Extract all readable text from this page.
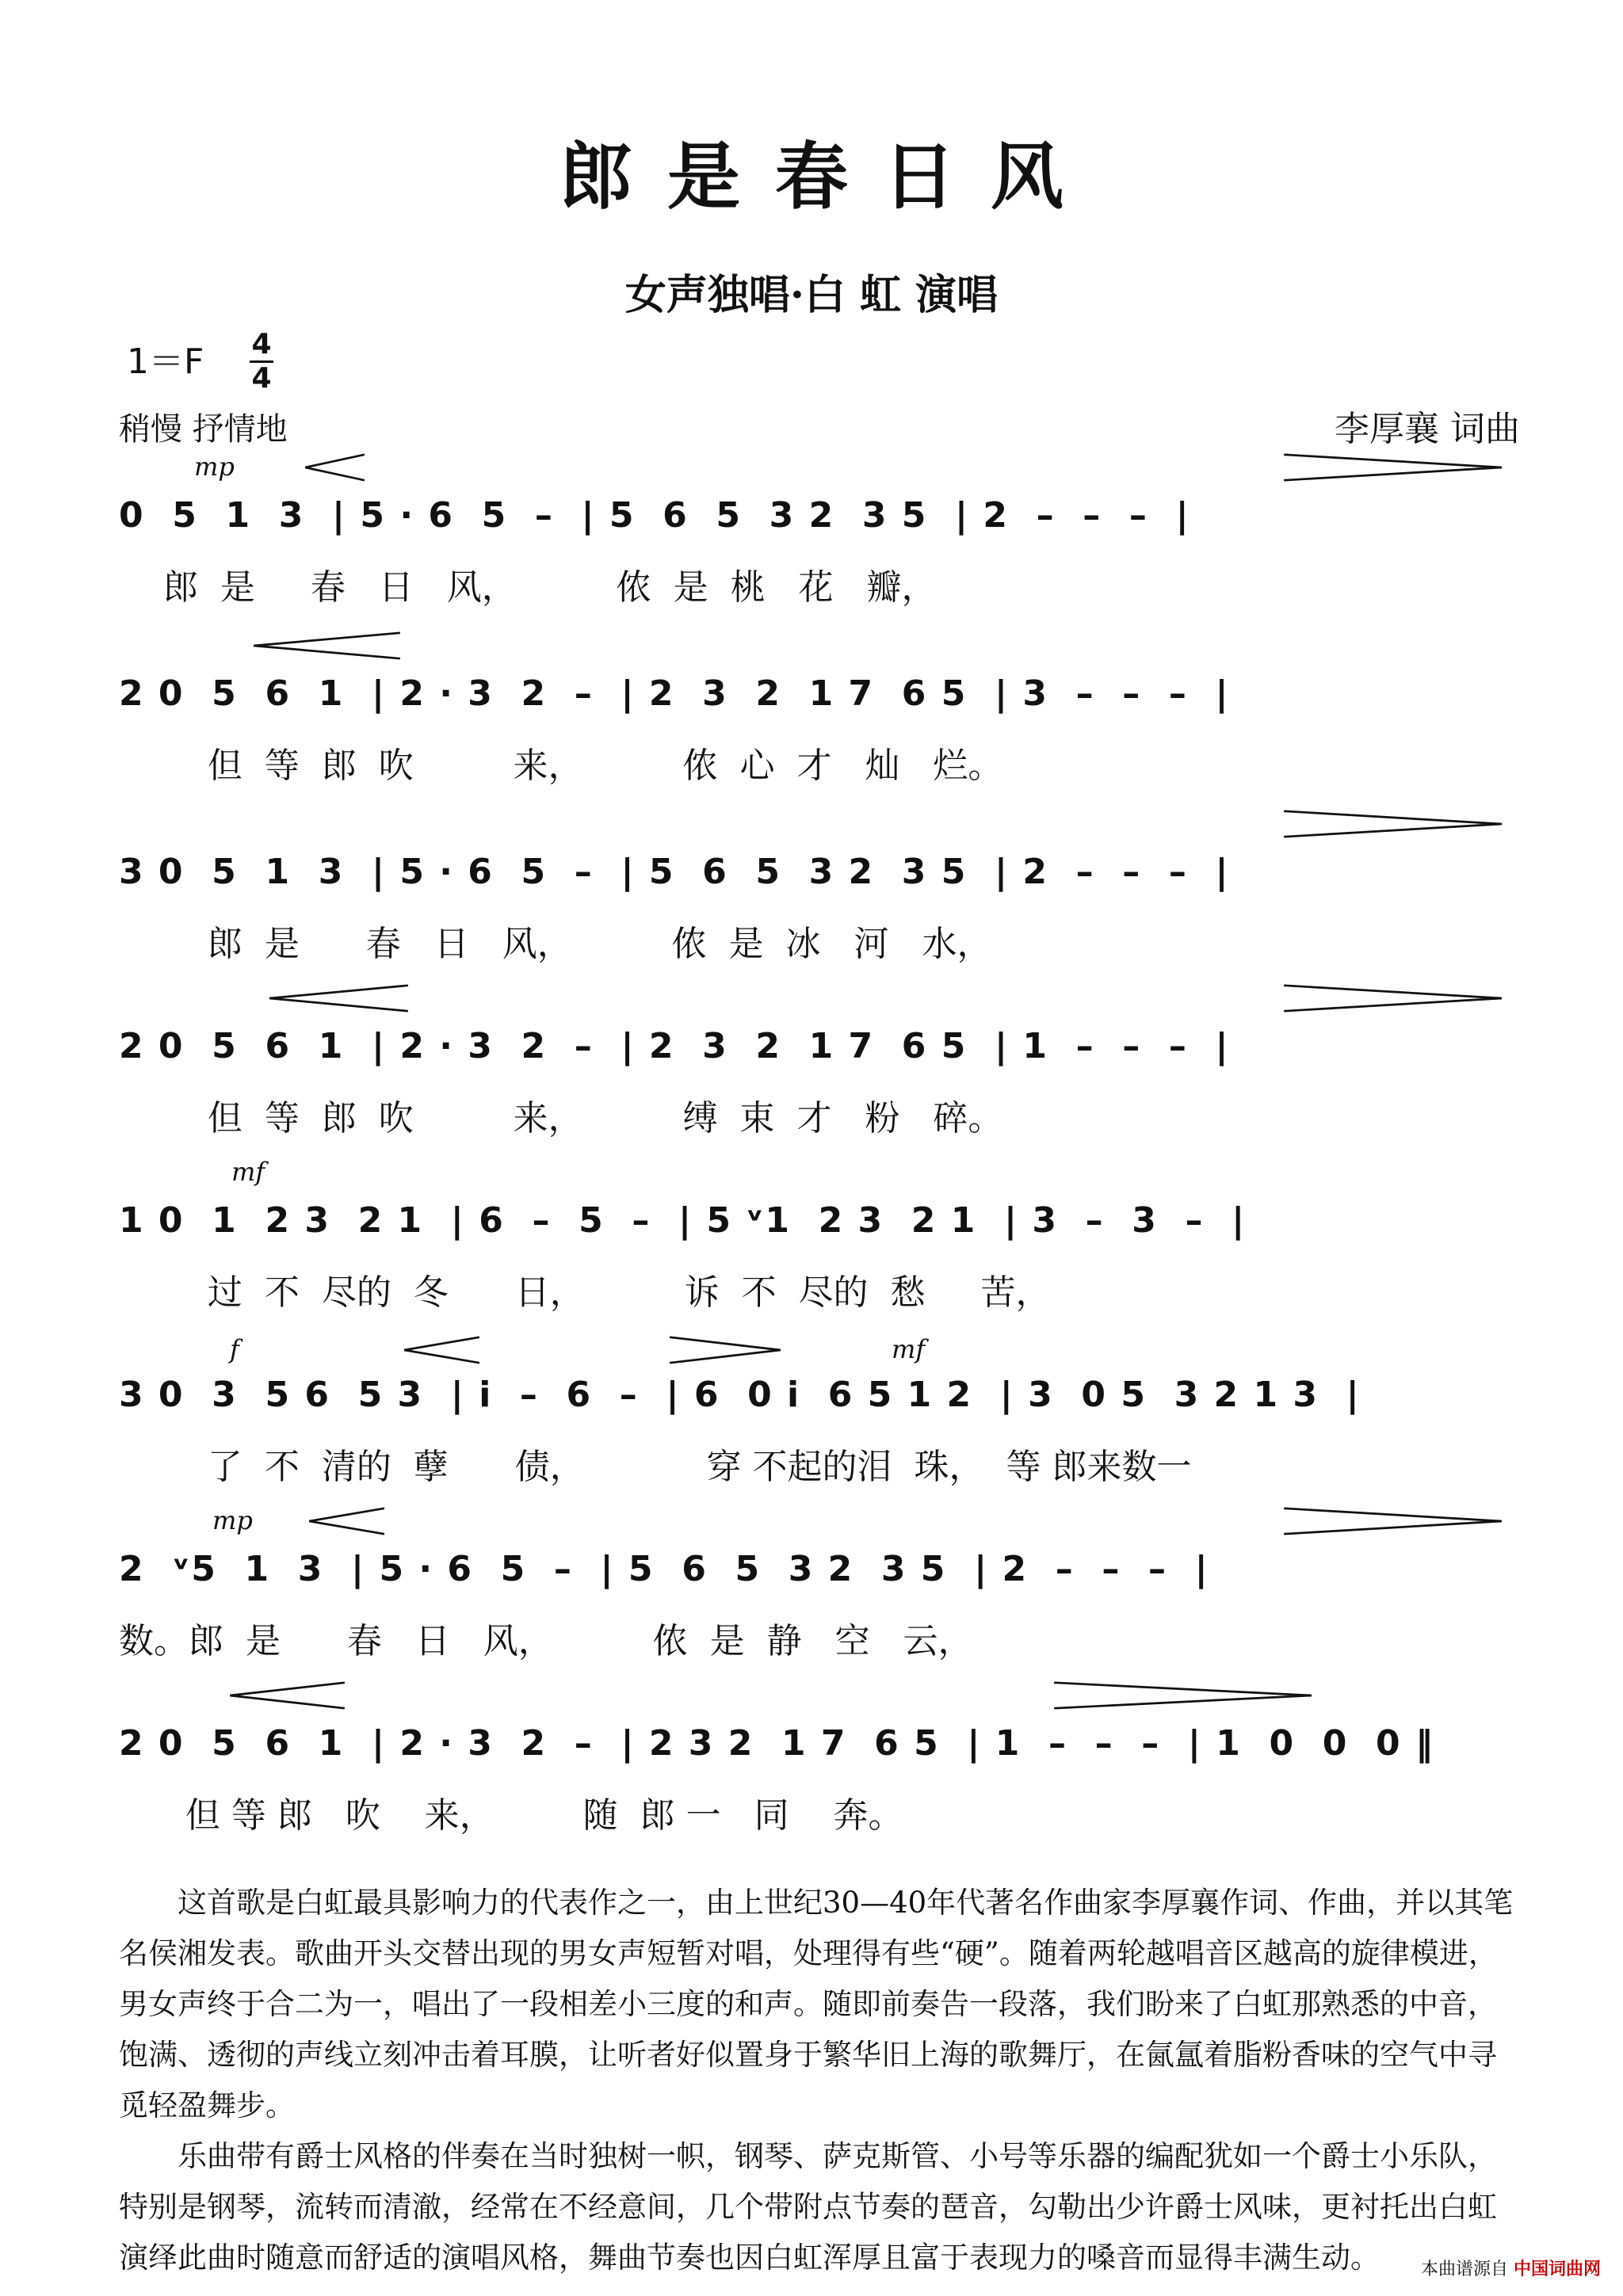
郎是春日风
女声独唱·白 虹 演唱
1＝F 4
4
稍慢 抒情地	李厚襄 词曲
mp
0  5  1  3  | 5 · 6  5  –  | 5  6  5  3 2  3 5  | 2  –  –  –  |
郎  是     春   日   风，         侬  是  桃   花   瓣，
2 0  5  6  1  | 2 · 3  2  –  | 2  3  2  1 7  6 5  | 3  –  –  –  |
但  等  郎  吹         来，         侬  心  才   灿   烂。
3 0  5  1  3  | 5 · 6  5  –  | 5  6  5  3 2  3 5  | 2  –  –  –  |
郎  是      春   日   风，         侬  是  冰   河   水，
2 0  5  6  1  | 2 · 3  2  –  | 2  3  2  1 7  6 5  | 1  –  –  –  |
但  等  郎  吹         来，         缚  束  才   粉   碎。
mf
1 0  1  2 3  2 1  | 6  –  5  –  | 5 ᵛ1  2 3  2 1  | 3  –  3  –  |
过  不  尽的  冬      日，         诉  不  尽的  愁     苦，
f	mf
3 0  3  5 6  5 3  | i  –  6  –  | 6  0 i  6 5 1 2  | 3  0 5  3 2 1 3  |
了  不  清的  孽      债，           穿 不起的泪  珠，  等 郎来数一
mp
2  ᵛ5  1  3  | 5 · 6  5  –  | 5  6  5  3 2  3 5  | 2  –  –  –  |
数。郎  是      春   日   风，         侬  是  静   空   云，
2 0  5  6  1  | 2 · 3  2  –  | 2 3 2  1 7  6 5  | 1  –  –  –  | 1  0  0  0 ‖
但 等 郎   吹    来，        随  郎 一   同    奔。

这首歌是白虹最具影响力的代表作之一，由上世纪30—40年代著名作曲家李厚襄作词、作曲，并以其笔名侯湘发表。歌曲开头交替出现的男女声短暂对唱，处理得有些“硬”。随着两轮越唱音区越高的旋律模进，男女声终于合二为一，唱出了一段相差小三度的和声。随即前奏告一段落，我们盼来了白虹那熟悉的中音，饱满、透彻的声线立刻冲击着耳膜，让听者好似置身于繁华旧上海的歌舞厅，在氤氲着脂粉香味的空气中寻觅轻盈舞步。

乐曲带有爵士风格的伴奏在当时独树一帜，钢琴、萨克斯管、小号等乐器的编配犹如一个爵士小乐队，特别是钢琴，流转而清澈，经常在不经意间，几个带附点节奏的琶音，勾勒出少许爵士风味，更衬托出白虹演绎此曲时随意而舒适的演唱风格，舞曲节奏也因白虹浑厚且富于表现力的嗓音而显得丰满生动。	本曲谱源自 中国词曲网
